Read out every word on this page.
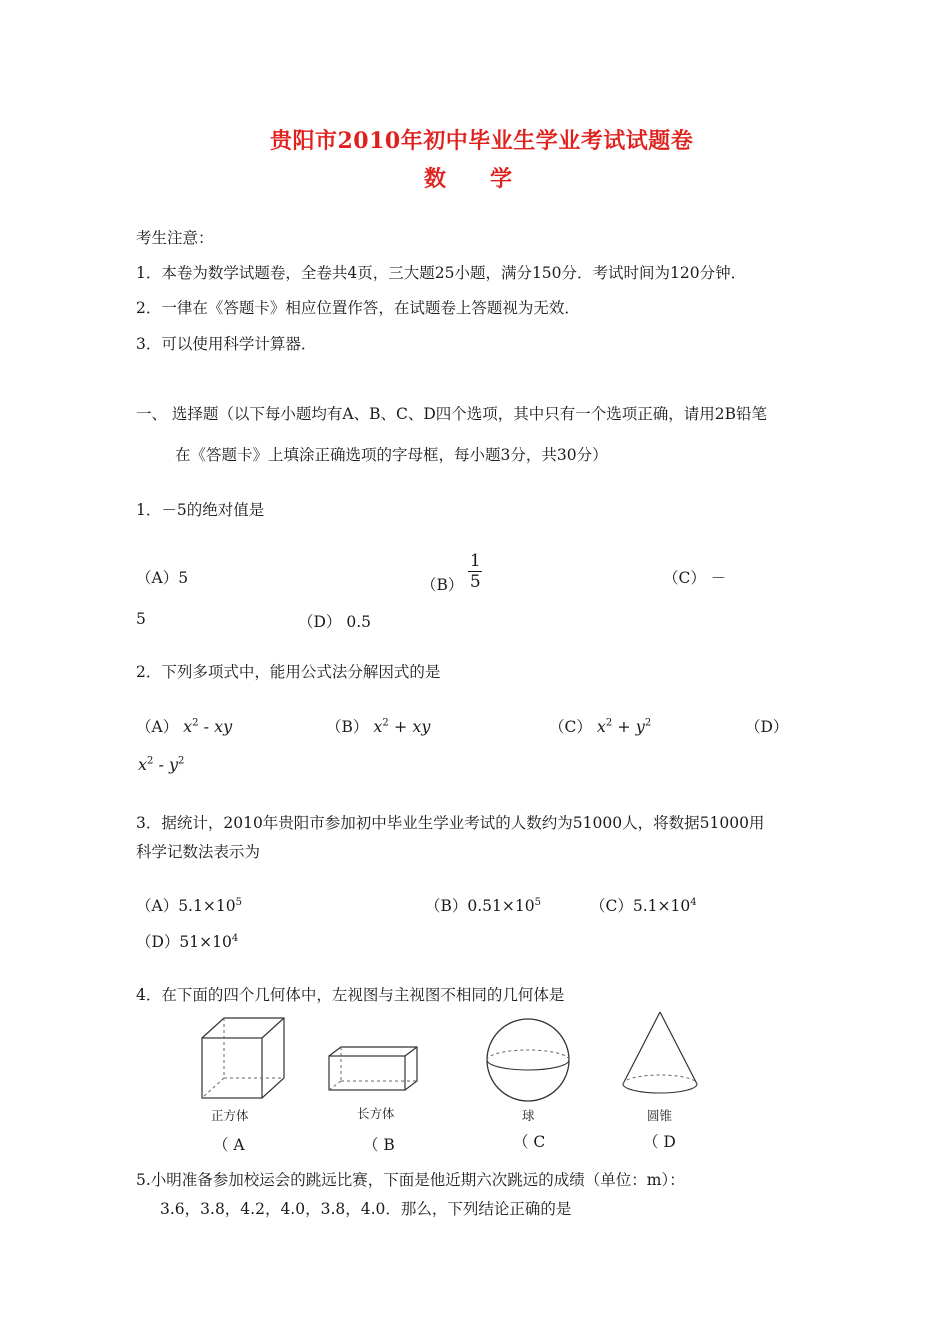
贵阳市2010年初中毕业生学业考试试题卷
数　　学
考生注意：
1．本卷为数学试题卷，全卷共4页，三大题25小题，满分150分．考试时间为120分钟．
2．一律在《答题卡》相应位置作答，在试题卷上答题视为无效．
3．可以使用科学计算器．
一、 选择题（以下每小题均有A、B、C、D四个选项，其中只有一个选项正确，请用2B铅笔
在《答题卡》上填涂正确选项的字母框，每小题3分，共30分）
1．－5的绝对值是
（A）5	$(B) \frac{1}{5}$	（C） －
5	（D） 0.5
2．下列多项式中，能用公式法分解因式的是
（A） $x^2$ - xy	（B） $x^2$ + xy	（C） $x^2 + y^2$	（D）
$x^2 - y^2$
3．据统计，2010年贵阳市参加初中毕业生学业考试的人数约为51000人，将数据51000用
科学记数法表示为
$(A)5.1\times 10^5$	$(B)0.51\times 10^5$	$(C)5.1\times 10^4$
$(D)51\times 10^4$
4．在下面的四个几何体中，左视图与主视图不相同的几何体是
正方体
（ A
长方体
（ B
球
（ C
圆锥
（ D
5.小明准备参加校运会的跳远比赛，下面是他近期六次跳远的成绩（单位：m）：
3.6，3.8，4.2，4.0，3.8，4.0．那么，下列结论正确的是
